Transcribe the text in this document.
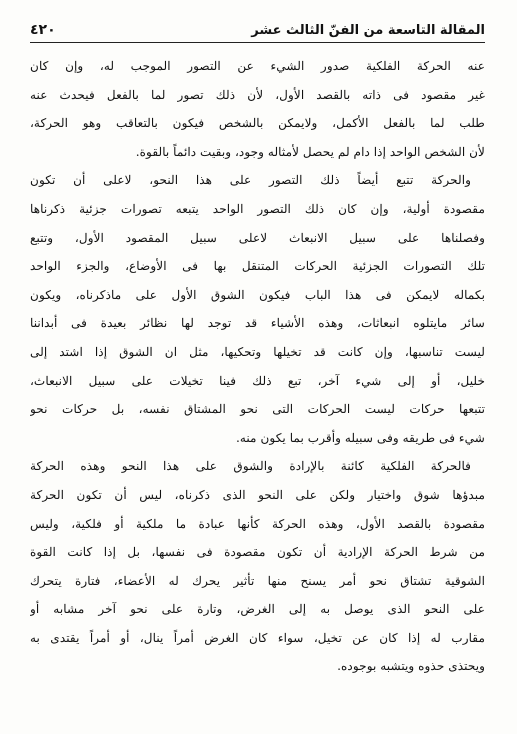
المقالة التاسعة من الفنّ الثالث عشر
٤٢٠
عنه الحركة الفلكية صدور الشيء عن التصور الموجب له، وإن كان
غير مقصود فى ذاته بالقصد الأول، لأن ذلك تصور لما بالفعل فيحدث عنه
طلب لما بالفعل الأكمل، ولايمكن بالشخص فيكون بالتعاقب وهو الحركة،
لأن الشخص الواحد إذا دام لم يحصل لأمثاله وجود، وبقيت دائماً بالقوة.
والحركة تتبع أيضاً ذلك التصور على هذا النحو، لاعلى أن تكون
مقصودة أولية، وإن كان ذلك التصور الواحد يتبعه تصورات جزئية ذكرناها
وفصلناها على سبيل الانبعاث لاعلى سبيل المقصود الأول، وتتبع
تلك التصورات الجزئية الحركات المتنقل بها فى الأوضاع، والجزء الواحد
بكماله لايمكن فى هذا الباب فيكون الشوق الأول على ماذكرناه، ويكون
سائر مايتلوه انبعاثات، وهذه الأشياء قد توجد لها نظائر بعيدة فى أبداننا
ليست تناسبها، وإن كانت قد تخيلها وتحكيها، مثل ان الشوق إذا اشتد إلى
خليل، أو إلى شيء آخر، تبع ذلك فينا تخيلات على سبيل الانبعاث،
تتبعها حركات ليست الحركات التى نحو المشتاق نفسه، بل حركات نحو
شيء فى طريقه وفى سبيله وأقرب بما يكون منه.
فالحركة الفلكية كائنة بالإرادة والشوق على هذا النحو وهذه الحركة
مبدؤها شوق واختيار ولكن على النحو الذى ذكرناه، ليس أن تكون الحركة
مقصودة بالقصد الأول، وهذه الحركة كأنها عبادة ما ملكية أو فلكية، وليس
من شرط الحركة الإرادية أن تكون مقصودة فى نفسها، بل إذا كانت القوة
الشوقية تشتاق نحو أمر يسنح منها تأثير يحرك له الأعضاء، فتارة يتحرك
على النحو الذى يوصل به إلى الغرض، وتارة على نحو آخر مشابه أو
مقارب له إذا كان عن تخيل، سواء كان الغرض أمراً ينال، أو أمراً يقتدى به
ويحتذى حذوه ويتشبه بوجوده.
